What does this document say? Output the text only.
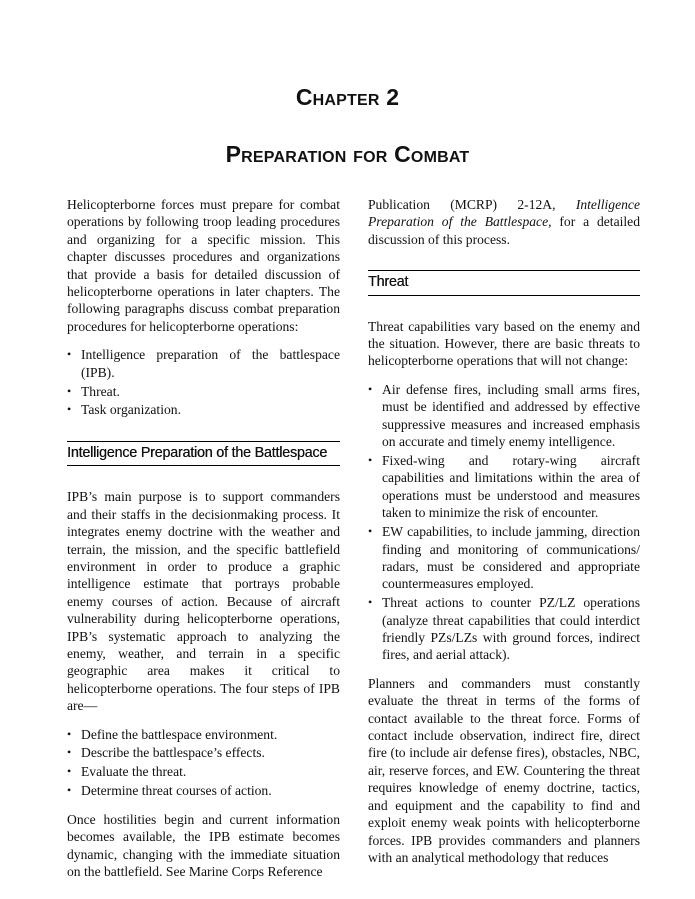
Chapter 2
Preparation for Combat

Helicopterborne forces must prepare for combat operations by following troop leading procedures and organizing for a specific mission. This chapter discusses procedures and organizations that provide a basis for detailed discussion of helicopterborne operations in later chapters. The following paragraphs discuss combat preparation procedures for helicopterborne operations:

• Intelligence preparation of the battlespace (IPB).
• Threat.
• Task organization.
Intelligence Preparation of the Battlespace

IPB’s main purpose is to support commanders and their staffs in the decisionmaking process. It integrates enemy doctrine with the weather and terrain, the mission, and the specific battlefield environment in order to produce a graphic intelligence estimate that portrays probable enemy courses of action. Because of aircraft vulnerability during helicopterborne operations, IPB’s systematic approach to analyzing the enemy, weather, and terrain in a specific geographic area makes it critical to helicopterborne operations. The four steps of IPB are—

• Define the battlespace environment.
• Describe the battlespace’s effects.
• Evaluate the threat.
• Determine threat courses of action.

Once hostilities begin and current information becomes available, the IPB estimate becomes dynamic, changing with the immediate situation on the battlefield. See Marine Corps Reference

Publication (MCRP) 2-12A, Intelligence Preparation of the Battlespace, for a detailed discussion of this process.

Threat

Threat capabilities vary based on the enemy and the situation. However, there are basic threats to helicopterborne operations that will not change:

• Air defense fires, including small arms fires, must be identified and addressed by effective suppressive measures and increased emphasis on accurate and timely enemy intelligence.
• Fixed-wing and rotary-wing aircraft capabilities and limitations within the area of operations must be understood and measures taken to minimize the risk of encounter.
• EW capabilities, to include jamming, direction finding and monitoring of communications/ radars, must be considered and appropriate countermeasures employed.
• Threat actions to counter PZ/LZ operations (analyze threat capabilities that could interdict friendly PZs/LZs with ground forces, indirect fires, and aerial attack).

Planners and commanders must constantly evaluate the threat in terms of the forms of contact available to the threat force. Forms of contact include observation, indirect fire, direct fire (to include air defense fires), obstacles, NBC, air, reserve forces, and EW. Countering the threat requires knowledge of enemy doctrine, tactics, and equipment and the capability to find and exploit enemy weak points with helicopterborne forces. IPB provides commanders and planners with an analytical methodology that reduces
